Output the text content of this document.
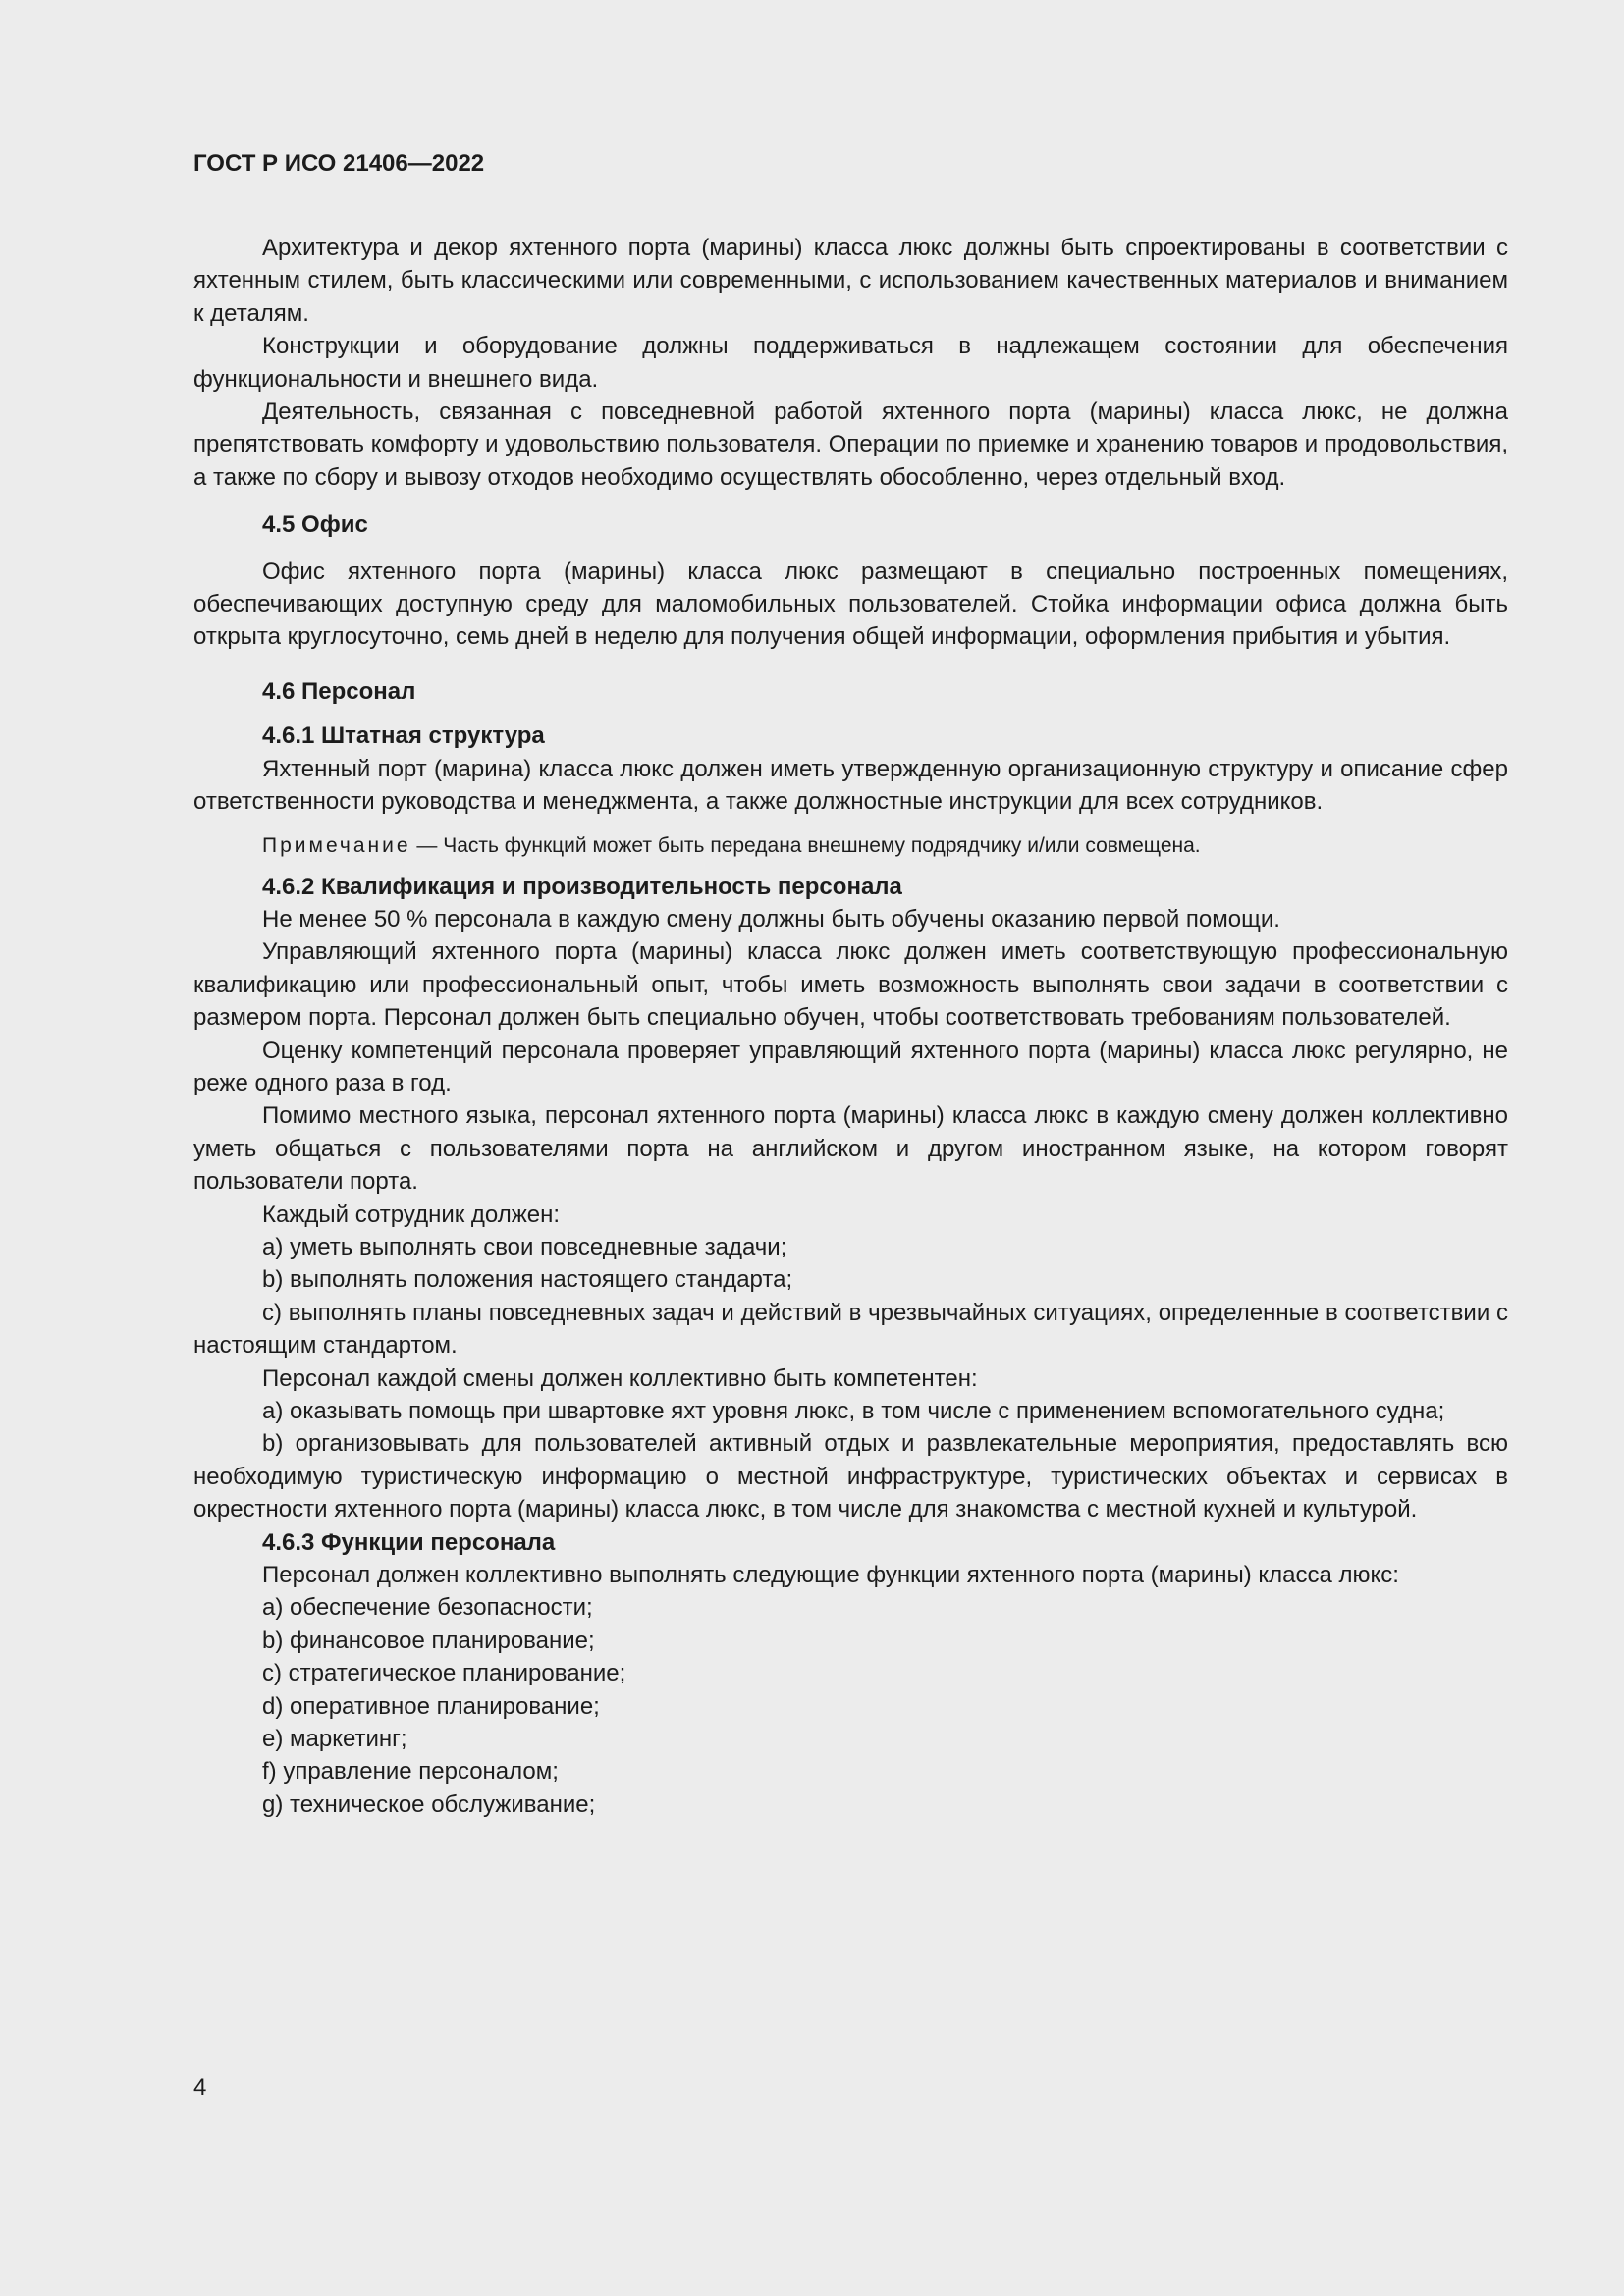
ГОСТ Р ИСО 21406—2022

Архитектура и декор яхтенного порта (марины) класса люкс должны быть спроектированы в соответствии с яхтенным стилем, быть классическими или современными, с использованием качественных материалов и вниманием к деталям.

Конструкции и оборудование должны поддерживаться в надлежащем состоянии для обеспечения функциональности и внешнего вида.

Деятельность, связанная с повседневной работой яхтенного порта (марины) класса люкс, не должна препятствовать комфорту и удовольствию пользователя. Операции по приемке и хранению товаров и продовольствия, а также по сбору и вывозу отходов необходимо осуществлять обособленно, через отдельный вход.

4.5 Офис

Офис яхтенного порта (марины) класса люкс размещают в специально построенных помещениях, обеспечивающих доступную среду для маломобильных пользователей. Стойка информации офиса должна быть открыта круглосуточно, семь дней в неделю для получения общей информации, оформления прибытия и убытия.

4.6 Персонал
4.6.1 Штатная структура

Яхтенный порт (марина) класса люкс должен иметь утвержденную организационную структуру и описание сфер ответственности руководства и менеджмента, а также должностные инструкции для всех сотрудников.

Примечание — Часть функций может быть передана внешнему подрядчику и/или совмещена.

4.6.2 Квалификация и производительность персонала

Не менее 50 % персонала в каждую смену должны быть обучены оказанию первой помощи.

Управляющий яхтенного порта (марины) класса люкс должен иметь соответствующую профессиональную квалификацию или профессиональный опыт, чтобы иметь возможность выполнять свои задачи в соответствии с размером порта. Персонал должен быть специально обучен, чтобы соответствовать требованиям пользователей.

Оценку компетенций персонала проверяет управляющий яхтенного порта (марины) класса люкс регулярно, не реже одного раза в год.

Помимо местного языка, персонал яхтенного порта (марины) класса люкс в каждую смену должен коллективно уметь общаться с пользователями порта на английском и другом иностранном языке, на котором говорят пользователи порта.

Каждый сотрудник должен:

a) уметь выполнять свои повседневные задачи;

b) выполнять положения настоящего стандарта;

c) выполнять планы повседневных задач и действий в чрезвычайных ситуациях, определенные в соответствии с настоящим стандартом.

Персонал каждой смены должен коллективно быть компетентен:

a) оказывать помощь при швартовке яхт уровня люкс, в том числе с применением вспомогательного судна;

b) организовывать для пользователей активный отдых и развлекательные мероприятия, предоставлять всю необходимую туристическую информацию о местной инфраструктуре, туристических объектах и сервисах в окрестности яхтенного порта (марины) класса люкс, в том числе для знакомства с местной кухней и культурой.

4.6.3 Функции персонала

Персонал должен коллективно выполнять следующие функции яхтенного порта (марины) класса люкс:

a) обеспечение безопасности;

b) финансовое планирование;

c) стратегическое планирование;

d) оперативное планирование;

e) маркетинг;

f) управление персоналом;

g) техническое обслуживание;

4
